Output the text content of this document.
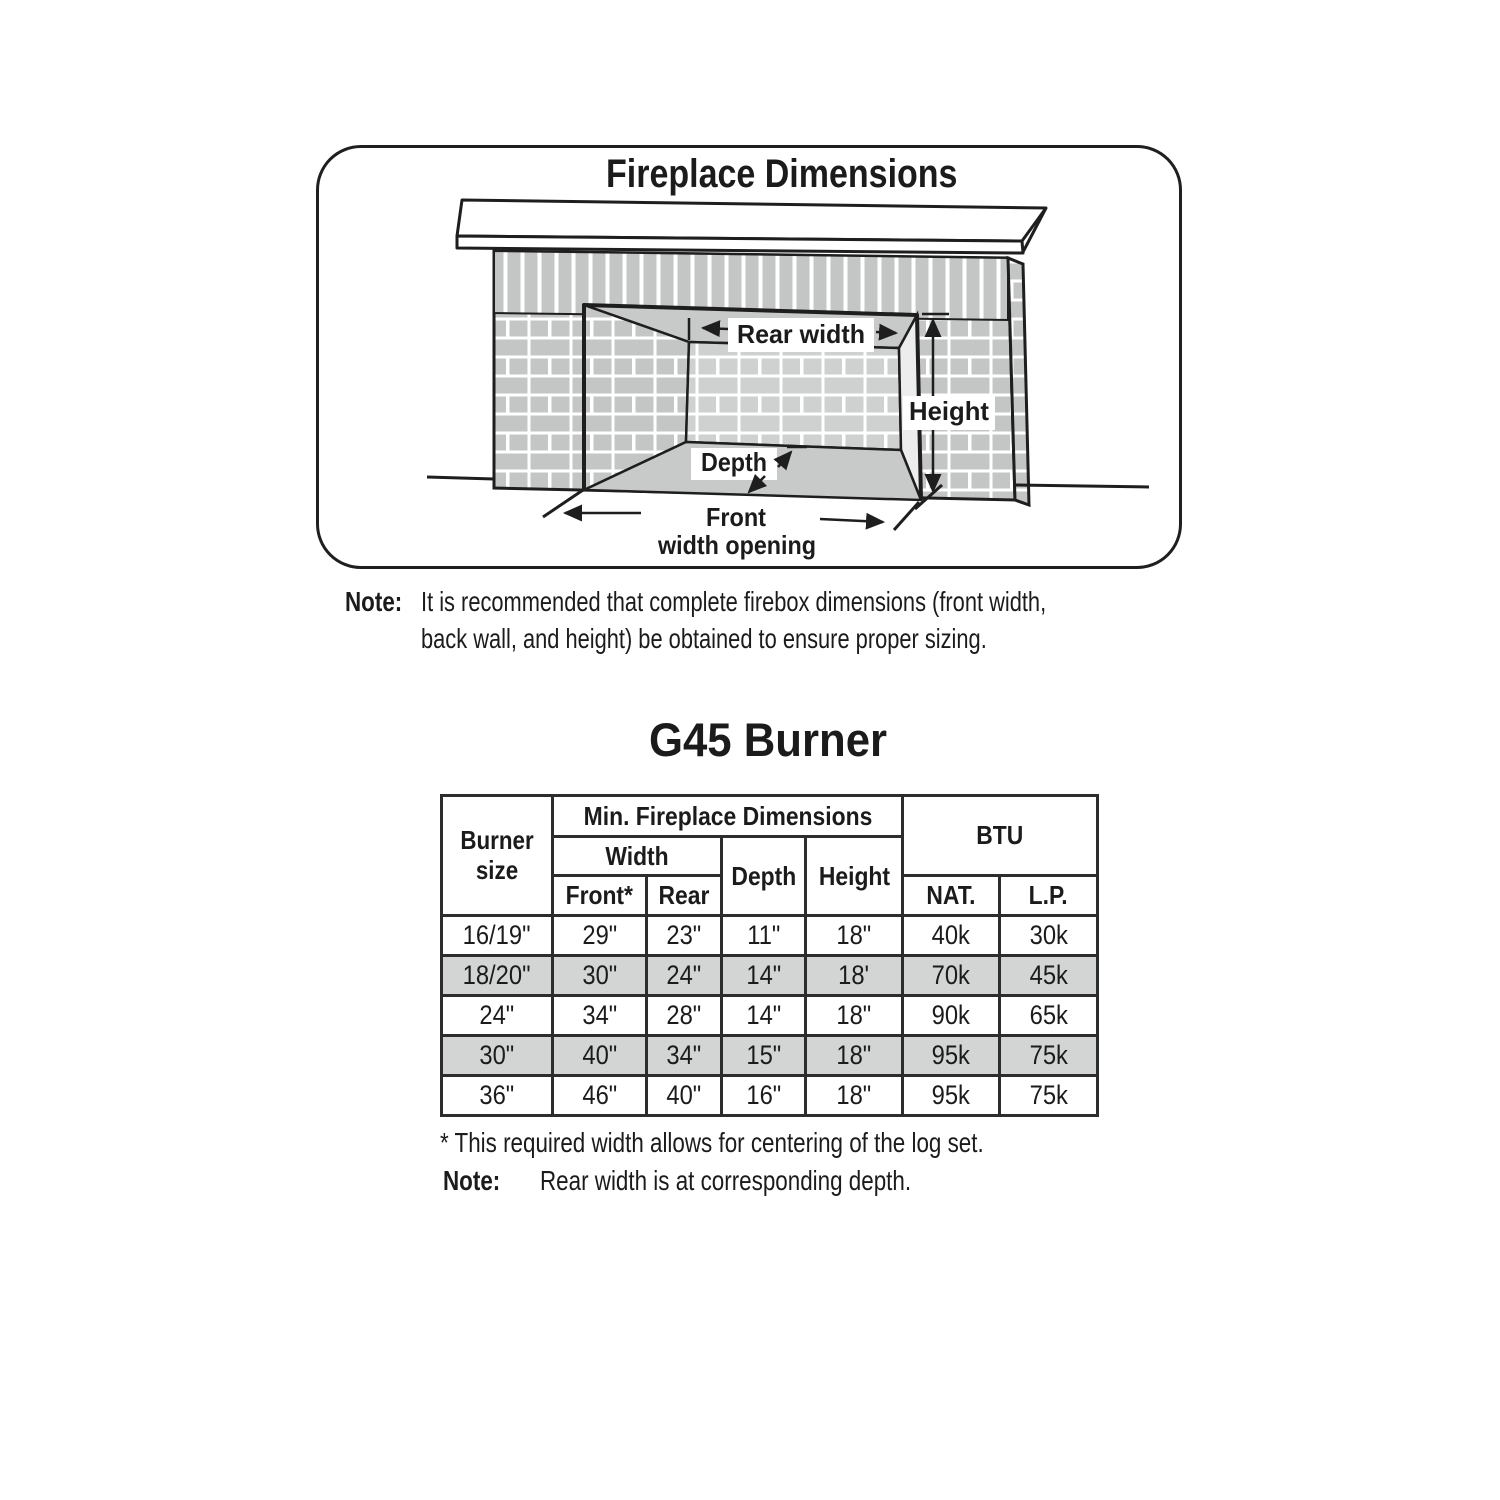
Fireplace Dimensions
Rear width
Height
Depth
Front
width opening
Note: It is recommended that complete firebox dimensions (front width,
back wall, and height) be obtained to ensure proper sizing.
G45 Burner
Burner size	Min. Fireplace Dimensions				BTU	
	Width		Depth	Height		
	Front*	Rear			NAT.	L.P.
16/19"	29"	23"	11"	18"	40k	30k
18/20"	30"	24"	14"	18'	70k	45k
24"	34"	28"	14"	18"	90k	65k
30"	40"	34"	15"	18"	95k	75k
36"	46"	40"	16"	18"	95k	75k
* This required width allows for centering of the log set.
Note:	Rear width is at corresponding depth.
